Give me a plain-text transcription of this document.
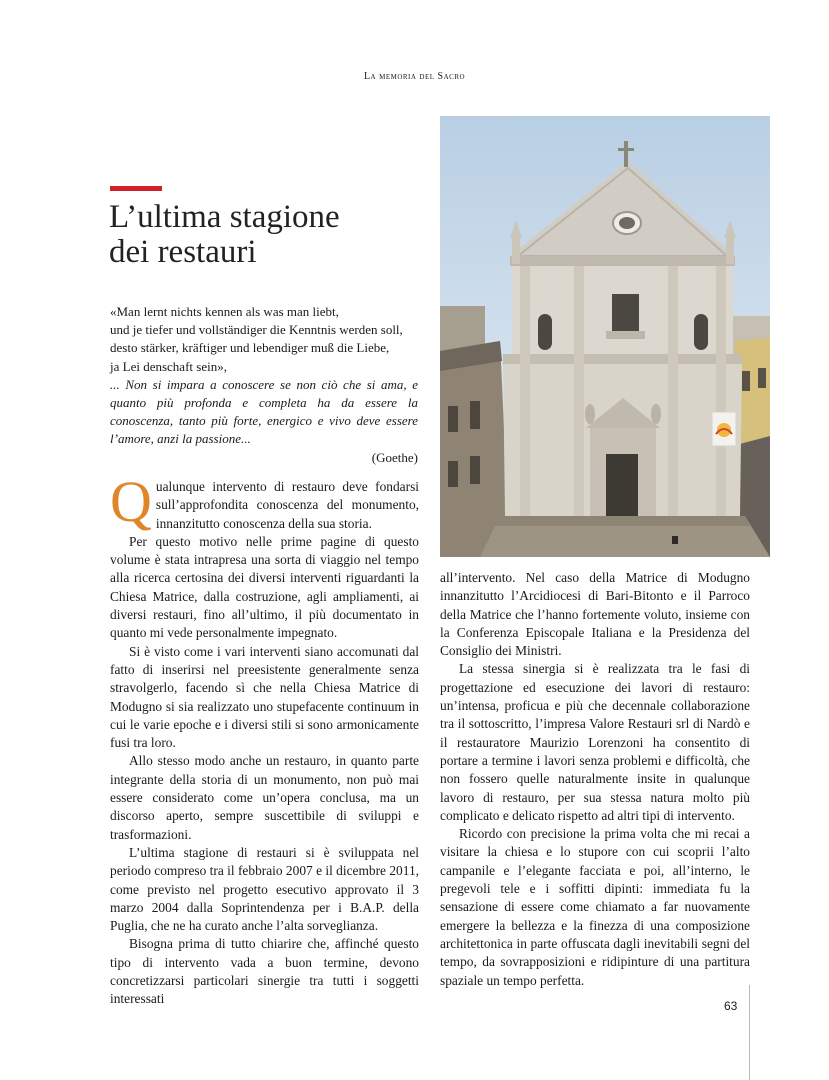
La memoria del Sacro
L’ultima stagione
dei restauri

«Man lernt nichts kennen als was man liebt,

und je tiefer und vollständiger die Kenntnis werden soll,

desto stärker, kräftiger und lebendiger muß die Liebe,

ja Lei denschaft sein»,

... Non si impara a conoscere se non ciò che si ama, e quanto più profonda e completa ha da essere la conoscenza, tanto più forte, energico e vivo deve essere l’amore, anzi la passione...

(Goethe)

Qualunque intervento di restauro deve fondarsi sull’approfondita conoscenza del monumento, innanzitutto conoscenza della sua storia.

Per questo motivo nelle prime pagine di questo volume è stata intrapresa una sorta di viaggio nel tempo alla ricerca certosina dei diversi interventi riguardanti la Chiesa Matrice, dalla costruzione, agli ampliamenti, ai diversi restauri, fino all’ultimo, il più documentato in quanto mi vede personalmente impegnato.

Si è visto come i vari interventi siano accomunati dal fatto di inserirsi nel preesistente generalmente senza stravolgerlo, facendo sì che nella Chiesa Matrice di Modugno si sia realizzato uno stupefacente continuum in cui le varie epoche e i diversi stili si sono armonicamente fusi tra loro.

Allo stesso modo anche un restauro, in quanto parte integrante della storia di un monumento, non può mai essere considerato come un’opera conclusa, ma un discorso aperto, sempre suscettibile di sviluppi e trasformazioni.

L’ultima stagione di restauri si è sviluppata nel periodo compreso tra il febbraio 2007 e il dicembre 2011, come previsto nel progetto esecutivo approvato il 3 marzo 2004 dalla Soprintendenza per i B.A.P. della Puglia, che ne ha curato anche l’alta sorveglianza.

Bisogna prima di tutto chiarire che, affinché questo tipo di intervento vada a buon termine, devono concretizzarsi particolari sinergie tra tutti i soggetti interessati

all’intervento. Nel caso della Matrice di Modugno innanzitutto l’Arcidiocesi di Bari-Bitonto e il Parroco della Matrice che l’hanno fortemente voluto, insieme con la Conferenza Episcopale Italiana e la Presidenza del Consiglio dei Ministri.

La stessa sinergia si è realizzata tra le fasi di progettazione ed esecuzione dei lavori di restauro: un’intensa, proficua e più che decennale collaborazione tra il sottoscritto, l’impresa Valore Restauri srl di Nardò e il restauratore Maurizio Lorenzoni ha consentito di portare a termine i lavori senza problemi e difficoltà, che non fossero quelle naturalmente insite in qualunque lavoro di restauro, per sua stessa natura molto più complicato e delicato rispetto ad altri tipi di intervento.

Ricordo con precisione la prima volta che mi recai a visitare la chiesa e lo stupore con cui scoprii l’alto campanile e l’elegante facciata e poi, all’interno, le pregevoli tele e i soffitti dipinti: immediata fu la sensazione di essere come chiamato a far nuovamente emergere la bellezza e la finezza di una composizione architettonica in parte offuscata dagli inevitabili segni del tempo, da sovrapposizioni e ridipinture di una partitura spaziale un tempo perfetta.

63
